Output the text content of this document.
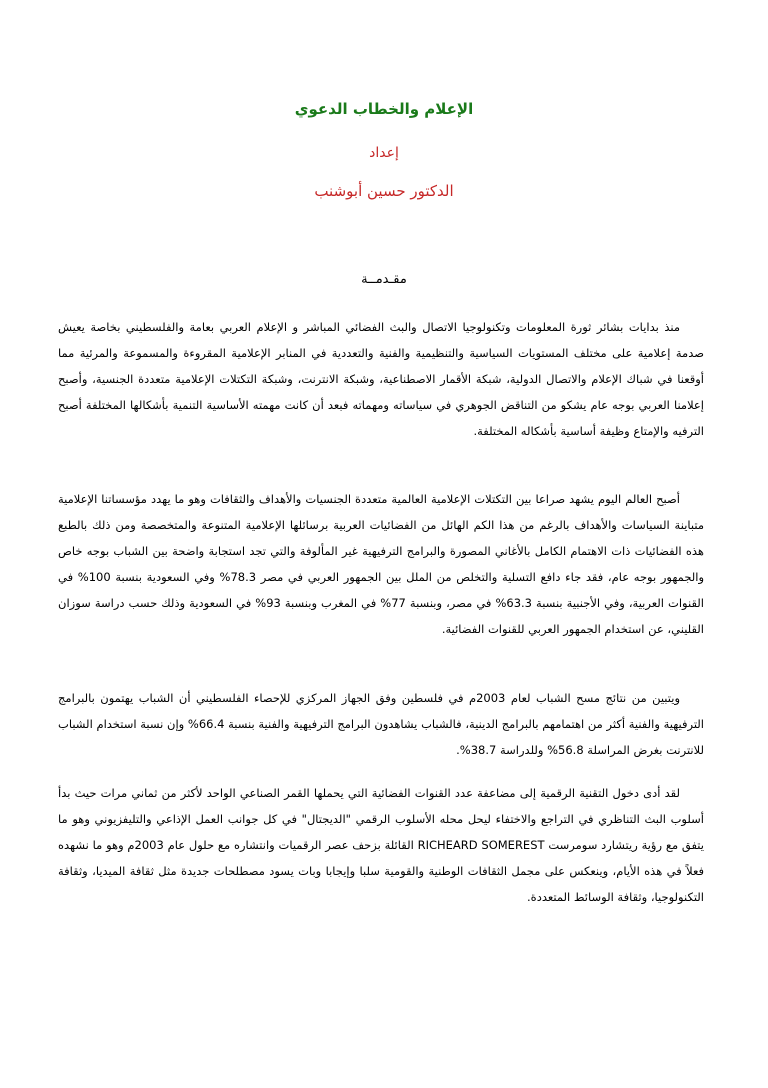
الإعلام والخطاب الدعوي
إعداد
الدكتور حسين أبوشنب
مقـدمــة

منذ بدايات بشائر ثورة المعلومات وتكنولوجيا الاتصال والبث الفضائي المباشر و الإعلام العربي بعامة والفلسطيني بخاصة يعيش صدمة إعلامية على مختلف المستويات السياسية والتنظيمية والفنية والتعددية في المنابر الإعلامية المقروءة والمسموعة والمرئية مما أوقعنا في شباك الإعلام والاتصال الدولية، شبكة الأقمار الاصطناعية، وشبكة الانترنت، وشبكة التكتلات الإعلامية متعددة الجنسية، وأصبح إعلامنا العربي بوجه عام يشكو من التناقض الجوهري في سياساته ومهماته فبعد أن كانت مهمته الأساسية التنمية بأشكالها المختلفة أصبح الترفيه والإمتاع وظيفة أساسية بأشكاله المختلفة.

أصبح العالم اليوم يشهد صراعا بين التكتلات الإعلامية العالمية متعددة الجنسيات والأهداف والثقافات وهو ما يهدد مؤسساتنا الإعلامية متباينة السياسات والأهداف بالرغم من هذا الكم الهائل من الفضائيات العربية برسائلها الإعلامية المتنوعة والمتخصصة ومن ذلك بالطبع هذه الفضائيات ذات الاهتمام الكامل بالأغاني المصورة والبرامج الترفيهية غير المألوفة والتي تجد استجابة واضحة بين الشباب بوجه خاص والجمهور بوجه عام، فقد جاء دافع التسلية والتخلص من الملل بين الجمهور العربي في مصر 78.3% وفي السعودية بنسبة 100% في القنوات العربية، وفي الأجنبية بنسبة 63.3% في مصر، وبنسبة 77% في المغرب وبنسبة 93% في السعودية وذلك حسب دراسة سوزان القليني، عن استخدام الجمهور العربي للقنوات الفضائية.

ويتبين من نتائج مسح الشباب لعام 2003م في فلسطين وفق الجهاز المركزي للإحصاء الفلسطيني أن الشباب يهتمون بالبرامج الترفيهية والفنية أكثر من اهتمامهم بالبرامج الدينية، فالشباب يشاهدون البرامج الترفيهية والفنية بنسبة 66.4% وإن نسبة استخدام الشباب للانترنت بغرض المراسلة 56.8% وللدراسة 38.7%.

لقد أدى دخول التقنية الرقمية إلى مضاعفة عدد القنوات الفضائية التي يحملها القمر الصناعي الواحد لأكثر من ثماني مرات حيث بدأ أسلوب البث التناظري في التراجع والاختفاء ليحل محله الأسلوب الرقمي "الديجتال" في كل جوانب العمل الإذاعي والتليفزيوني وهو ما يتفق مع رؤية ريتشارد سومرست RICHEARD SOMEREST القائلة بزحف عصر الرقميات وانتشاره مع حلول عام 2003م وهو ما نشهده فعلاً في هذه الأيام، وينعكس على مجمل الثقافات الوطنية والقومية سلبا وإيجابا وبات يسود مصطلحات جديدة مثل ثقافة الميديا، وثقافة التكنولوجيا، وثقافة الوسائط المتعددة.
